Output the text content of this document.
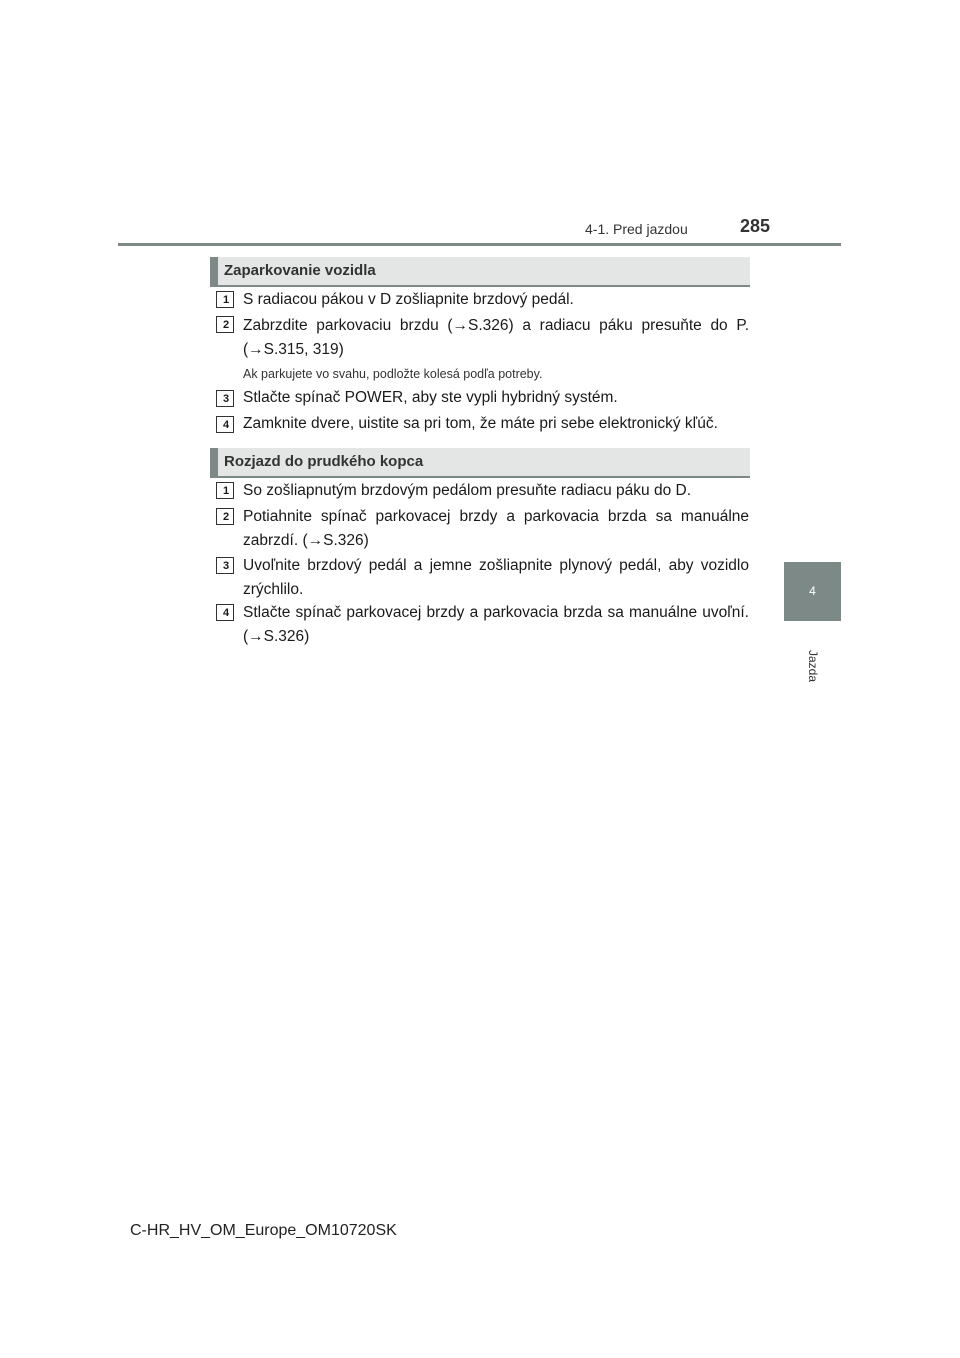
4-1. Pred jazdou	285
4
Jazda
Zaparkovanie vozidla
1 S radiacou pákou v D zošliapnite brzdový pedál.
2 Zabrzdite parkovaciu brzdu (→S.326) a radiacu páku presuňte do P. (→S.315, 319)
Ak parkujete vo svahu, podložte kolesá podľa potreby.
3 Stlačte spínač POWER, aby ste vypli hybridný systém.
4 Zamknite dvere, uistite sa pri tom, že máte pri sebe elektronický kľúč.
Rozjazd do prudkého kopca
1 So zošliapnutým brzdovým pedálom presuňte radiacu páku do D.
2 Potiahnite spínač parkovacej brzdy a parkovacia brzda sa manuálne zabrzdí. (→S.326)
3 Uvoľnite brzdový pedál a jemne zošliapnite plynový pedál, aby vozidlo zrýchlilo.
4 Stlačte spínač parkovacej brzdy a parkovacia brzda sa manuálne uvoľní. (→S.326)
C-HR_HV_OM_Europe_OM10720SK
